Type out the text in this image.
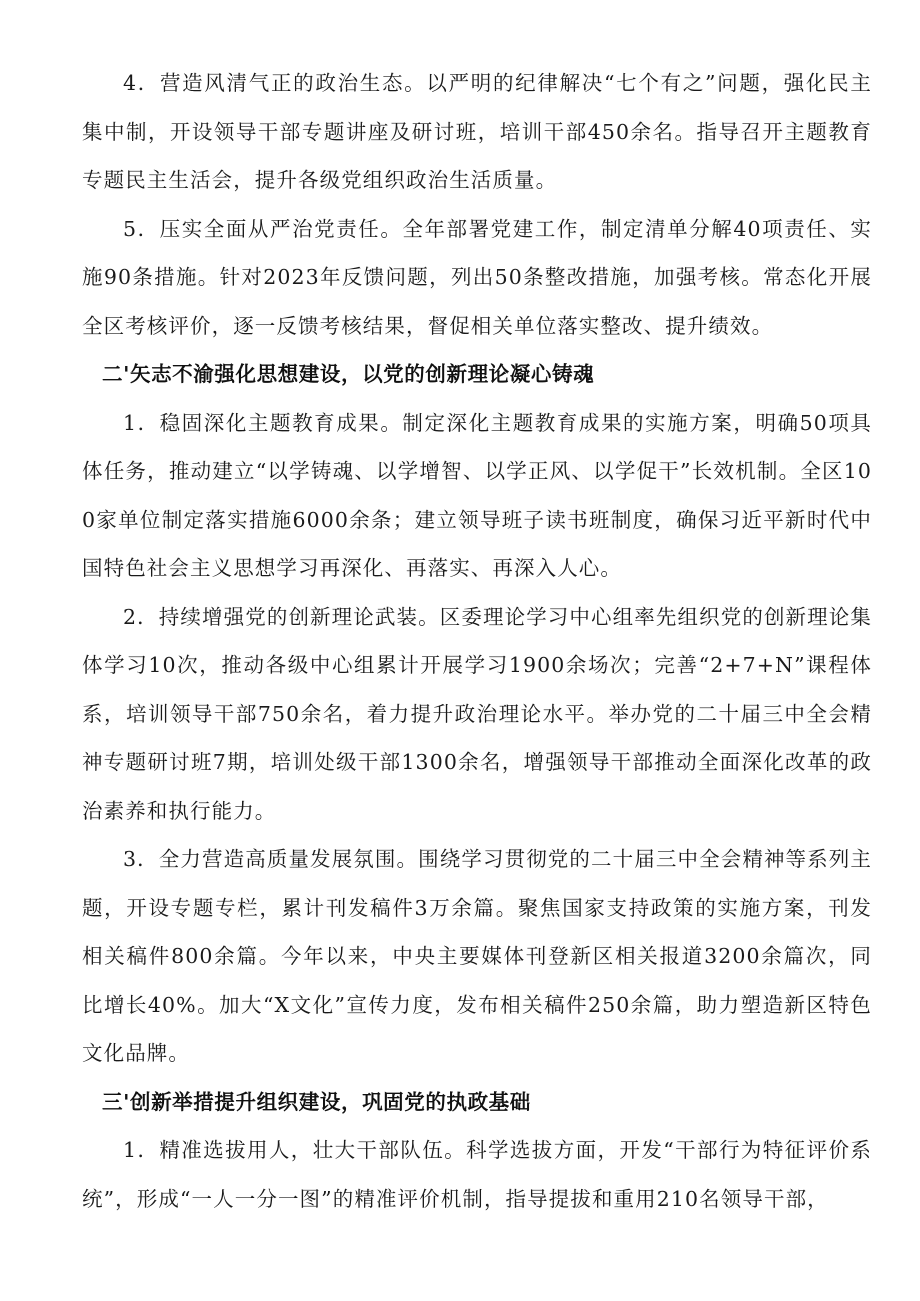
4．营造风清气正的政治生态。以严明的纪律解决“七个有之”问题，强化民主集中制，开设领导干部专题讲座及研讨班，培训干部450余名。指导召开主题教育专题民主生活会，提升各级党组织政治生活质量。

5．压实全面从严治党责任。全年部署党建工作，制定清单分解40项责任、实施90条措施。针对2023年反馈问题，列出50条整改措施，加强考核。常态化开展全区考核评价，逐一反馈考核结果，督促相关单位落实整改、提升绩效。

二'矢志不渝强化思想建设，以党的创新理论凝心铸魂

1．稳固深化主题教育成果。制定深化主题教育成果的实施方案，明确50项具体任务，推动建立“以学铸魂、以学增智、以学正风、以学促干”长效机制。全区100家单位制定落实措施6000余条；建立领导班子读书班制度，确保习近平新时代中国特色社会主义思想学习再深化、再落实、再深入人心。

2．持续增强党的创新理论武装。区委理论学习中心组率先组织党的创新理论集体学习10次，推动各级中心组累计开展学习1900余场次；完善“2+7+N”课程体系，培训领导干部750余名，着力提升政治理论水平。举办党的二十届三中全会精神专题研讨班7期，培训处级干部1300余名，增强领导干部推动全面深化改革的政治素养和执行能力。

3．全力营造高质量发展氛围。围绕学习贯彻党的二十届三中全会精神等系列主题，开设专题专栏，累计刊发稿件3万余篇。聚焦国家支持政策的实施方案，刊发相关稿件800余篇。今年以来，中央主要媒体刊登新区相关报道3200余篇次，同比增长40%。加大“X文化”宣传力度，发布相关稿件250余篇，助力塑造新区特色文化品牌。

三'创新举措提升组织建设，巩固党的执政基础

1．精准选拔用人，壮大干部队伍。科学选拔方面，开发“干部行为特征评价系统”，形成“一人一分一图”的精准评价机制，指导提拔和重用210名领导干部，
